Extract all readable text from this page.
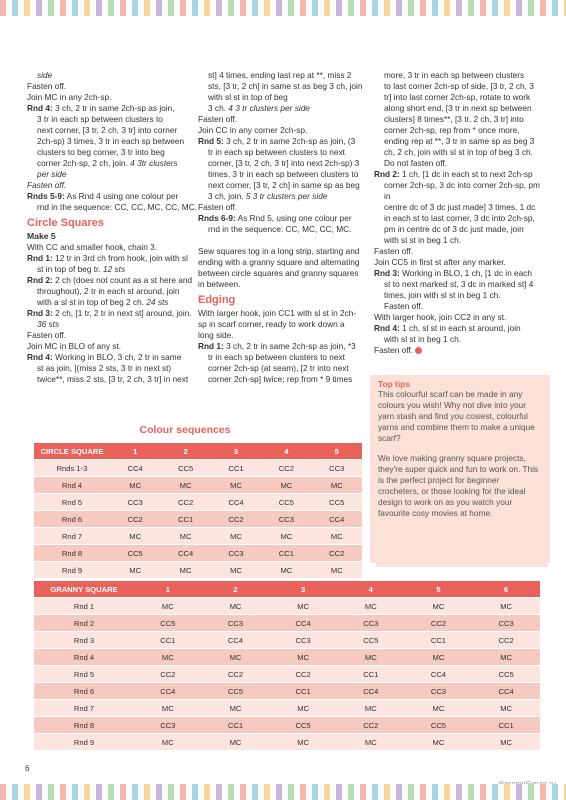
side

Fasten off.

Join MC in any 2ch-sp.

Rnd 4: 3 ch, 2 tr in same 2ch-sp as join,

3 tr in each sp between clusters to

next corner, [3 tr, 2 ch, 3 tr] into corner

2ch-sp) 3 times, 3 tr in each sp between

clusters to beg corner, 3 tr into beg

corner 2ch-sp, 2 ch, join. 4 3tr clusters

per side

Fasten off.

Rnds 5-9: As Rnd 4 using one colour per

rnd in the sequence: CC, CC, MC, CC, MC.

Circle Squares
Make 5

With CC and smaller hook, chain 3.

Rnd 1: 12 tr in 3rd ch from hook, join with sl

st in top of beg tr. 12 sts

Rnd 2: 2 ch (does not count as a st here and

throughout), 2 tr in each st around, join

with a sl st in top of beg 2 ch. 24 sts

Rnd 3: 2 ch, [1 tr, 2 tr in next st] around, join.

36 sts

Fasten off.

Join MC in BLO of any st.

Rnd 4: Working in BLO, 3 ch, 2 tr in same

st as join, [(miss 2 sts, 3 tr in next st)

twice**, miss 2 sts, [3 tr, 2 ch, 3 tr] in next

st] 4 times, ending last rep at **, miss 2

sts, [3 tr, 2 ch] in same st as beg 3 ch, join

with sl st in top of beg

3 ch. 4 3 tr clusters per side

Fasten off.

Join CC in any corner 2ch-sp.

Rnd 5: 3 ch, 2 tr in same 2ch-sp as join, (3

tr in each sp between clusters to next

corner, [3 tr, 2 ch, 3 tr] into next 2ch-sp) 3

times, 3 tr in each sp between clusters to

next corner, [3 tr, 2 ch] in same sp as beg

3 ch, join. 5 3 tr clusters per side

Fasten off.

Rnds 6-9: As Rnd 5, using one colour per

rnd in the sequence: CC, MC, CC, MC.

Sew squares tog in a long strip, starting and

ending with a granny square and alternating

between circle squares and granny squares

in between.

Edging

With larger hook, join CC1 with sl st in 2ch-

sp in scarf corner, ready to work down a

long side.

Rnd 1: 3 ch, 2 tr in same 2ch-sp as join, *3

tr in each sp between clusters to next

corner 2ch-sp (at seam), [2 tr into next

corner 2ch-sp] twice; rep from * 9 times

more, 3 tr in each sp between clusters

to last corner 2ch-sp of side, [3 tr, 2 ch, 3

tr] into last corner 2ch-sp, rotate to work

along short end, [3 tr in next sp between

clusters] 8 times**, [3 tr, 2 ch, 3 tr] into

corner 2ch-sp, rep from * once more,

ending rep at **, 3 tr in same sp as beg 3

ch, 2 ch, join with sl st in top of beg 3 ch.

Do not fasten off.

Rnd 2: 1 ch, [1 dc in each st to next 2ch-sp

corner 2ch-sp, 3 dc into corner 2ch-sp, pm in

centre dc of 3 dc just made] 3 times, 1 dc

in each st to last corner, 3 dc into 2ch-sp,

pm in centre dc of 3 dc just made, join

with sl st in beg 1 ch.

Fasten off.

Join CC5 in first st after any marker.

Rnd 3: Working in BLO, 1 ch, [1 dc in each

st to next marked st, 3 dc in marked st] 4

times, join with sl st in beg 1 ch.

Fasten off.

With larger hook, join CC2 in any st.

Rnd 4: 1 ch, sl st in each st around, join

with sl st in beg 1 ch.

Fasten off.

Top tips

This colourful scarf can be made in any colours you wish! Why not dive into your yarn stash and find you cosiest, colourful yarns and combine them to make a unique scarf?

We love making granny square projects, they're super quick and fun to work on. This is the perfect project for beginner crocheters, or those looking for the ideal design to work on as you watch your favourite cosy movies at home.

Colour sequences
CIRCLE SQUARE	1	2	3	4	5
Rnds 1-3	CC4	CC5	CC1	CC2	CC3
Rnd 4	MC	MC	MC	MC	MC
Rnd 5	CC3	CC2	CC4	CC5	CC5
Rnd 6	CC2	CC1	CC2	CC3	CC4
Rnd 7	MC	MC	MC	MC	MC
Rnd 8	CC5	CC4	CC3	CC1	CC2
Rnd 9	MC	MC	MC	MC	MC
GRANNY SQUARE	1	2	3	4	5	6
Rnd 1	MC	MC	MC	MC	MC	MC
Rnd 2	CC5	CC3	CC4	CC3	CC2	CC3
Rnd 3	CC1	CC4	CC3	CC5	CC1	CC2
Rnd 4	MC	MC	MC	MC	MC	MC
Rnd 5	CC2	CC2	CC2	CC1	CC4	CC5
Rnd 6	CC4	CC5	CC1	CC4	CC3	CC4
Rnd 7	MC	MC	MC	MC	MC	MC
Rnd 8	CC3	CC1	CC5	CC2	CC5	CC1
Rnd 9	MC	MC	MC	MC	MC	MC
6
